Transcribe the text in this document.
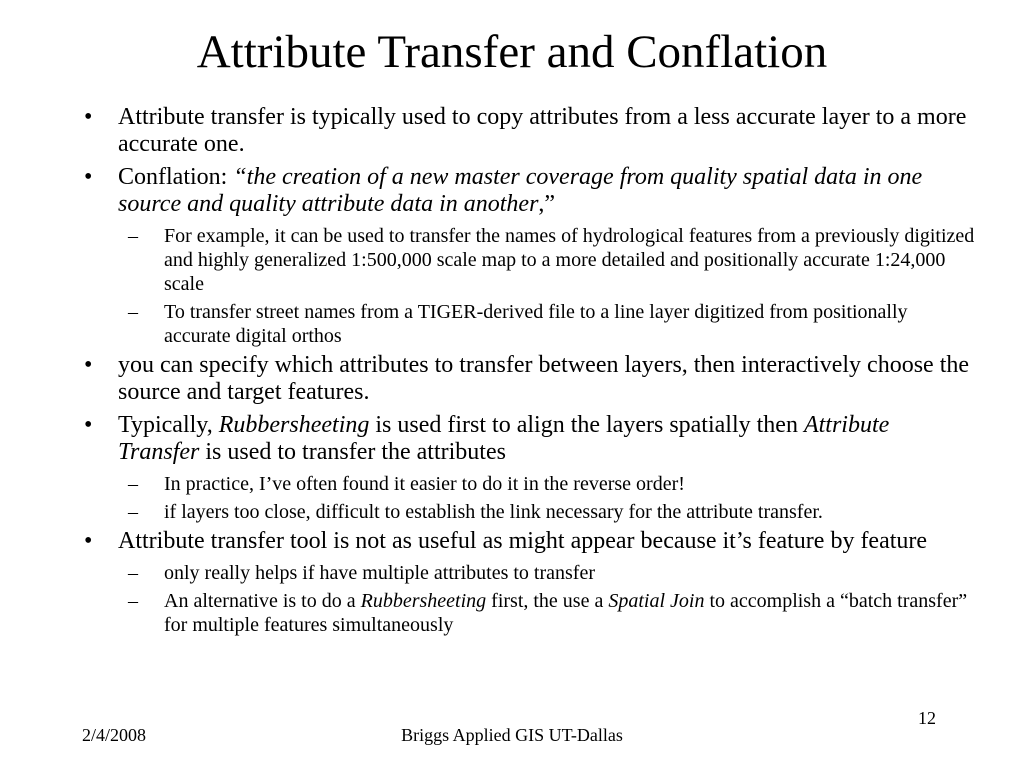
Attribute Transfer and Conflation
• Attribute transfer is typically used to copy attributes from a less accurate layer to a more accurate one.
• Conflation: “the creation of a new master coverage from quality spatial data in one source and quality attribute data in another,”
– For example, it can be used to transfer the names of hydrological features from a previously digitized and highly generalized 1:500,000 scale map to a more detailed and positionally accurate 1:24,000 scale
– To transfer street names from a TIGER-derived file to a line layer digitized from positionally accurate digital orthos
• you can specify which attributes to transfer between layers, then interactively choose the source and target features.
• Typically, Rubbersheeting is used first to align the layers spatially then Attribute Transfer is used to transfer the attributes
– In practice, I’ve often found it easier to do it in the reverse order!
– if layers too close, difficult to establish the link necessary for the attribute transfer.
• Attribute transfer tool is not as useful as might appear because it’s feature by feature
– only really helps if have multiple attributes to transfer
– An alternative is to do a Rubbersheeting first, the use a Spatial Join to accomplish a “batch transfer” for multiple features simultaneously
12
2/4/2008	Briggs Applied GIS UT-Dallas
